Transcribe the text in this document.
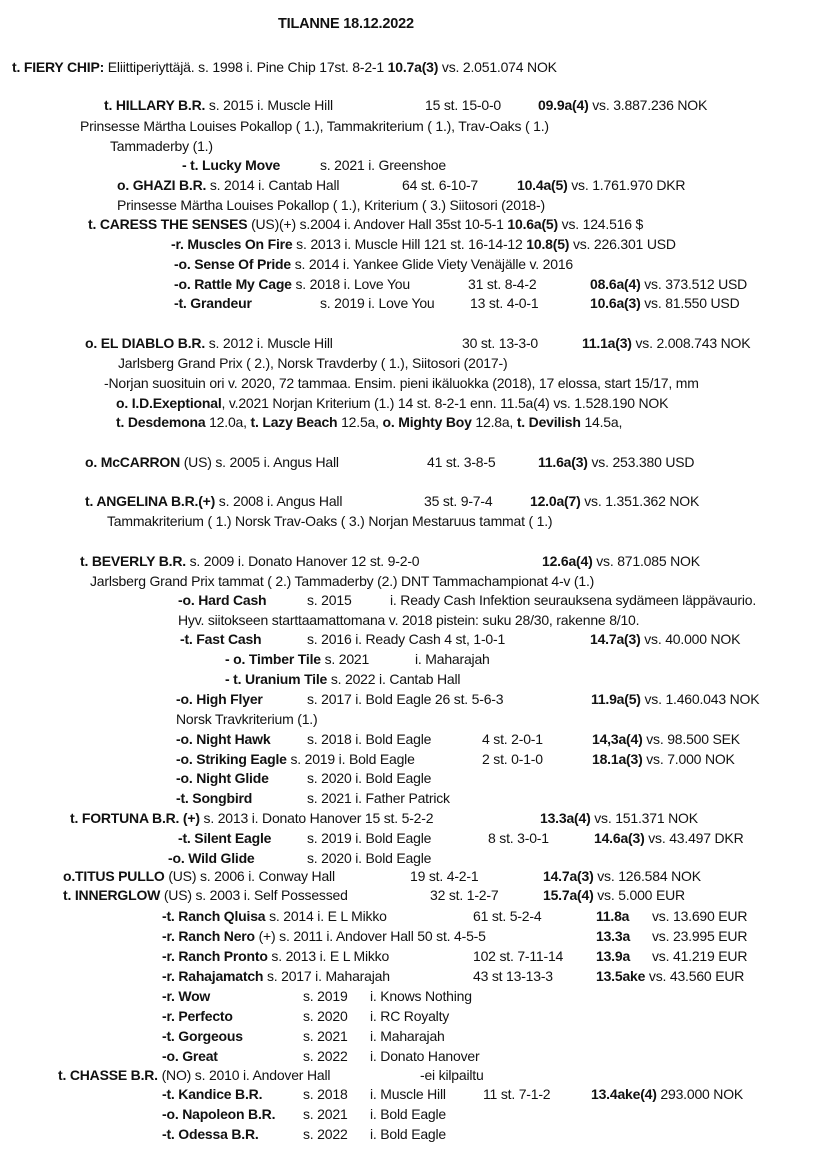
TILANNE 18.12.2022
t. FIERY CHIP: Eliittiperiyttäjä. s. 1998 i. Pine Chip 17st. 8-2-1 10.7a(3) vs. 2.051.074 NOK
t. HILLARY B.R. s. 2015 i. Muscle Hill	15 st. 15-0-0	09.9a(4) vs. 3.887.236 NOK
Prinsesse Märtha Louises Pokallop ( 1.), Tammakriterium ( 1.), Trav-Oaks ( 1.)
Tammaderby (1.)
- t. Lucky Move	s. 2021 i. Greenshoe
o. GHAZI B.R. s. 2014 i. Cantab Hall	64 st. 6-10-7	10.4a(5) vs. 1.761.970 DKR
Prinsesse Märtha Louises Pokallop ( 1.), Kriterium ( 3.) Siitosori (2018-)
t. CARESS THE SENSES (US)(+) s.2004 i. Andover Hall 35st 10-5-1 10.6a(5) vs. 124.516 $
-r. Muscles On Fire s. 2013 i. Muscle Hill 121 st. 16-14-12 10.8(5) vs. 226.301 USD
-o. Sense Of Pride s. 2014 i. Yankee Glide Viety Venäjälle v. 2016
-o. Rattle My Cage s. 2018 i. Love You	31 st. 8-4-2	08.6a(4) vs. 373.512 USD
-t. Grandeur	s. 2019 i. Love You	13 st. 4-0-1	10.6a(3) vs. 81.550 USD
o. EL DIABLO B.R. s. 2012 i. Muscle Hill	30 st. 13-3-0	11.1a(3) vs. 2.008.743 NOK
Jarlsberg Grand Prix ( 2.), Norsk Travderby ( 1.), Siitosori (2017-)
-Norjan suosituin ori v. 2020, 72 tammaa. Ensim. pieni ikäluokka (2018), 17 elossa, start 15/17, mm
o. I.D.Exeptional, v.2021 Norjan Kriterium (1.) 14 st. 8-2-1 enn. 11.5a(4) vs. 1.528.190 NOK
t. Desdemona 12.0a, t. Lazy Beach 12.5a, o. Mighty Boy 12.8a, t. Devilish 14.5a,
o. McCARRON (US) s. 2005 i. Angus Hall	41 st. 3-8-5	11.6a(3) vs. 253.380 USD
t. ANGELINA B.R.(+) s. 2008 i. Angus Hall	35 st. 9-7-4	12.0a(7) vs. 1.351.362 NOK
Tammakriterium ( 1.) Norsk Trav-Oaks ( 3.) Norjan Mestaruus tammat ( 1.)
t. BEVERLY B.R. s. 2009 i. Donato Hanover 12 st. 9-2-0	12.6a(4) vs. 871.085 NOK
Jarlsberg Grand Prix tammat ( 2.) Tammaderby (2.) DNT Tammachampionat 4-v (1.)
-o. Hard Cash	s. 2015	i. Ready Cash Infektion seurauksena sydämeen läppävaurio.
Hyv. siitokseen starttaamattomana v. 2018 pistein: suku 28/30, rakenne 8/10.
-t. Fast Cash	s. 2016 i. Ready Cash 4 st, 1-0-1	14.7a(3) vs. 40.000 NOK
- o. Timber Tile s. 2021	i. Maharajah
- t. Uranium Tile s. 2022 i. Cantab Hall
-o. High Flyer	s. 2017 i. Bold Eagle 26 st. 5-6-3	11.9a(5) vs. 1.460.043 NOK
Norsk Travkriterium (1.)
-o. Night Hawk	s. 2018 i. Bold Eagle	4 st. 2-0-1	14,3a(4) vs. 98.500 SEK
-o. Striking Eagle s. 2019 i. Bold Eagle	2 st. 0-1-0	18.1a(3) vs. 7.000 NOK
-o. Night Glide	s. 2020 i. Bold Eagle
-t. Songbird	s. 2021 i. Father Patrick
t. FORTUNA B.R. (+) s. 2013 i. Donato Hanover 15 st. 5-2-2	13.3a(4) vs. 151.371 NOK
-t. Silent Eagle	s. 2019 i. Bold Eagle	8 st. 3-0-1	14.6a(3) vs. 43.497 DKR
-o. Wild Glide	s. 2020 i. Bold Eagle
o.TITUS PULLO (US) s. 2006 i. Conway Hall	19 st. 4-2-1	14.7a(3) vs. 126.584 NOK
t. INNERGLOW (US) s. 2003 i. Self Possessed	32 st. 1-2-7	15.7a(4) vs. 5.000 EUR
-t. Ranch Qluisa s. 2014 i. E L Mikko	61 st. 5-2-4	11.8a vs. 13.690 EUR
-r. Ranch Nero (+) s. 2011 i. Andover Hall 50 st. 4-5-5	13.3a vs. 23.995 EUR
-r. Ranch Pronto s. 2013 i. E L Mikko	102 st. 7-11-14 13.9a vs. 41.219 EUR
-r. Rahajamatch s. 2017 i. Maharajah	43 st 13-13-3	13.5ake vs. 43.560 EUR
-r. Wow	s. 2019 i. Knows Nothing
-r. Perfecto	s. 2020 i. RC Royalty
-t. Gorgeous	s. 2021 i. Maharajah
-o. Great	s. 2022 i. Donato Hanover
t. CHASSE B.R. (NO) s. 2010 i. Andover Hall	-ei kilpailtu
-t. Kandice B.R.	s. 2018 i. Muscle Hill	11 st. 7-1-2	13.4ake(4) 293.000 NOK
-o. Napoleon B.R. s. 2021 i. Bold Eagle
-t. Odessa B.R.	s. 2022 i. Bold Eagle
